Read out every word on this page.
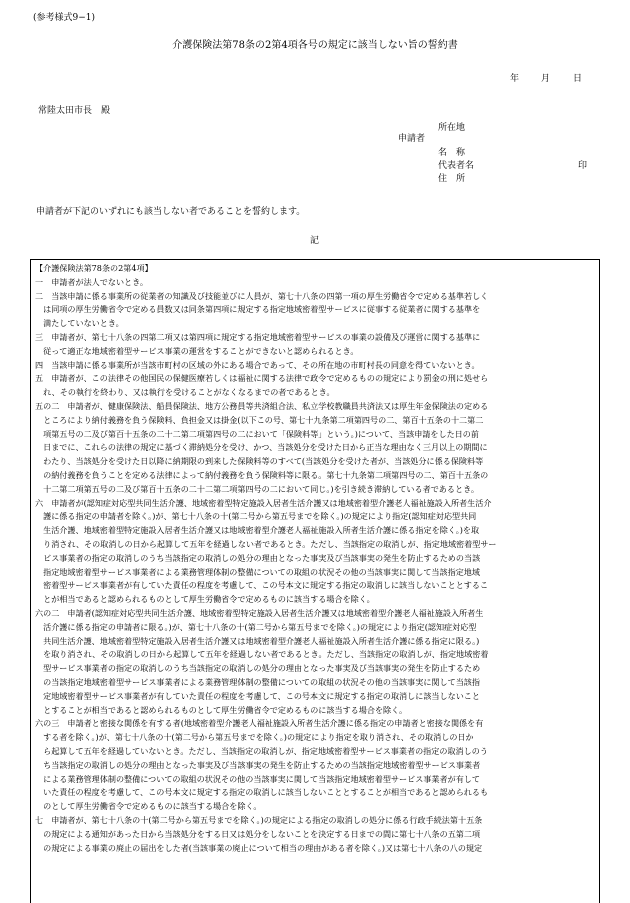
(参考様式9−1)
介護保険法第78条の2第4項各号の規定に該当しない旨の誓約書
年 月	日
常陸太田市長　殿
所在地
申請者
名　称
代表者名	印
住　所
申請者が下記のいずれにも該当しない者であることを誓約します。
記
【介護保険法第78条の2第4項】
一　申請者が法人でないとき。
二　当該申請に係る事業所の従業者の知識及び技能並びに人員が、第七十八条の四第一項の厚生労働省令で定める基準若しく
　は同項の厚生労働省令で定める員数又は同条第四項に規定する指定地域密着型サービスに従事する従業者に関する基準を
　満たしていないとき。
三　申請者が、第七十八条の四第二項又は第四項に規定する指定地域密着型サービスの事業の設備及び運営に関する基準に
　従って適正な地域密着型サービス事業の運営をすることができないと認められるとき。
四　当該申請に係る事業所が当該市町村の区域の外にある場合であって、その所在地の市町村長の同意を得ていないとき。
五　申請者が、この法律その他国民の保健医療若しくは福祉に関する法律で政令で定めるものの規定により罰金の刑に処せら
　れ、その執行を終わり、又は執行を受けることがなくなるまでの者であるとき。
五の二　申請者が、健康保険法、船員保険法、地方公務員等共済組合法、私立学校教職員共済法又は厚生年金保険法の定める
　ところにより納付義務を負う保険料、負担金又は掛金(以下この号、第七十九条第二項第四号の二、第百十五条の十二第二
　項第五号の二及び第百十五条の二十二第二項第四号の二において「保険料等」という。)について、当該申請をした日の前
　日までに、これらの法律の規定に基づく滞納処分を受け、かつ、当該処分を受けた日から正当な理由なく三月以上の期間に
　わたり、当該処分を受けた日以降に納期限の到来した保険料等のすべて(当該処分を受けた者が、当該処分に係る保険料等
　の納付義務を負うことを定める法律によって納付義務を負う保険料等に限る。第七十九条第二項第四号の二、第百十五条の
　十二第二項第五号の二及び第百十五条の二十二第二項第四号の二において同じ。)を引き続き滞納している者であるとき。
六　申請者が(認知症対応型共同生活介護、地域密着型特定施設入居者生活介護又は地域密着型介護老人福祉施設入所者生活介
　護に係る指定の申請者を除く。)が、第七十八条の十(第二号から第五号までを除く。)の規定により指定(認知症対応型共同
　生活介護、地域密着型特定施設入居者生活介護又は地域密着型介護老人福祉施設入所者生活介護に係る指定を除く。)を取
　り消され、その取消しの日から起算して五年を経過しない者であるとき。ただし、当該指定の取消しが、指定地域密着型サー
　ビス事業者の指定の取消しのうち当該指定の取消しの処分の理由となった事実及び当該事実の発生を防止するための当該
　指定地域密着型サービス事業者による業務管理体制の整備についての取組の状況その他の当該事実に関して当該指定地域
　密着型サービス事業者が有していた責任の程度を考慮して、この号本文に規定する指定の取消しに該当しないこととするこ
　とが相当であると認められるものとして厚生労働省令で定めるものに該当する場合を除く。
六の二　申請者(認知症対応型共同生活介護、地域密着型特定施設入居者生活介護又は地域密着型介護老人福祉施設入所者生
　活介護に係る指定の申請者に限る。)が、第七十八条の十(第二号から第五号までを除く。)の規定により指定(認知症対応型
　共同生活介護、地域密着型特定施設入居者生活介護又は地域密着型介護老人福祉施設入所者生活介護に係る指定に限る。)
　を取り消され、その取消しの日から起算して五年を経過しない者であるとき。ただし、当該指定の取消しが、指定地域密着
　型サービス事業者の指定の取消しのうち当該指定の取消しの処分の理由となった事実及び当該事実の発生を防止するため
　の当該指定地域密着型サービス事業者による業務管理体制の整備についての取組の状況その他の当該事実に関して当該指
　定地域密着型サービス事業者が有していた責任の程度を考慮して、この号本文に規定する指定の取消しに該当しないこと
　とすることが相当であると認められるものとして厚生労働省令で定めるものに該当する場合を除く。
六の三　申請者と密接な関係を有する者(地域密着型介護老人福祉施設入所者生活介護に係る指定の申請者と密接な関係を有
　する者を除く。)が、第七十八条の十(第二号から第五号までを除く。)の規定により指定を取り消され、その取消しの日か
　ら起算して五年を経過していないとき。ただし、当該指定の取消しが、指定地域密着型サービス事業者の指定の取消しのう
　ち当該指定の取消しの処分の理由となった事実及び当該事実の発生を防止するための当該指定地域密着型サービス事業者
　による業務管理体制の整備についての取組の状況その他の当該事実に関して当該指定地域密着型サービス事業者が有して
　いた責任の程度を考慮して、この号本文に規定する指定の取消しに該当しないこととすることが相当であると認められるも
　のとして厚生労働省令で定めるものに該当する場合を除く。
七　申請者が、第七十八条の十(第二号から第五号までを除く。)の規定による指定の取消しの処分に係る行政手続法第十五条
　の規定による通知があった日から当該処分をする日又は処分をしないことを決定する日までの間に第七十八条の五第二項
　の規定による事業の廃止の届出をした者(当該事業の廃止について相当の理由がある者を除く。)又は第七十八条の八の規定
